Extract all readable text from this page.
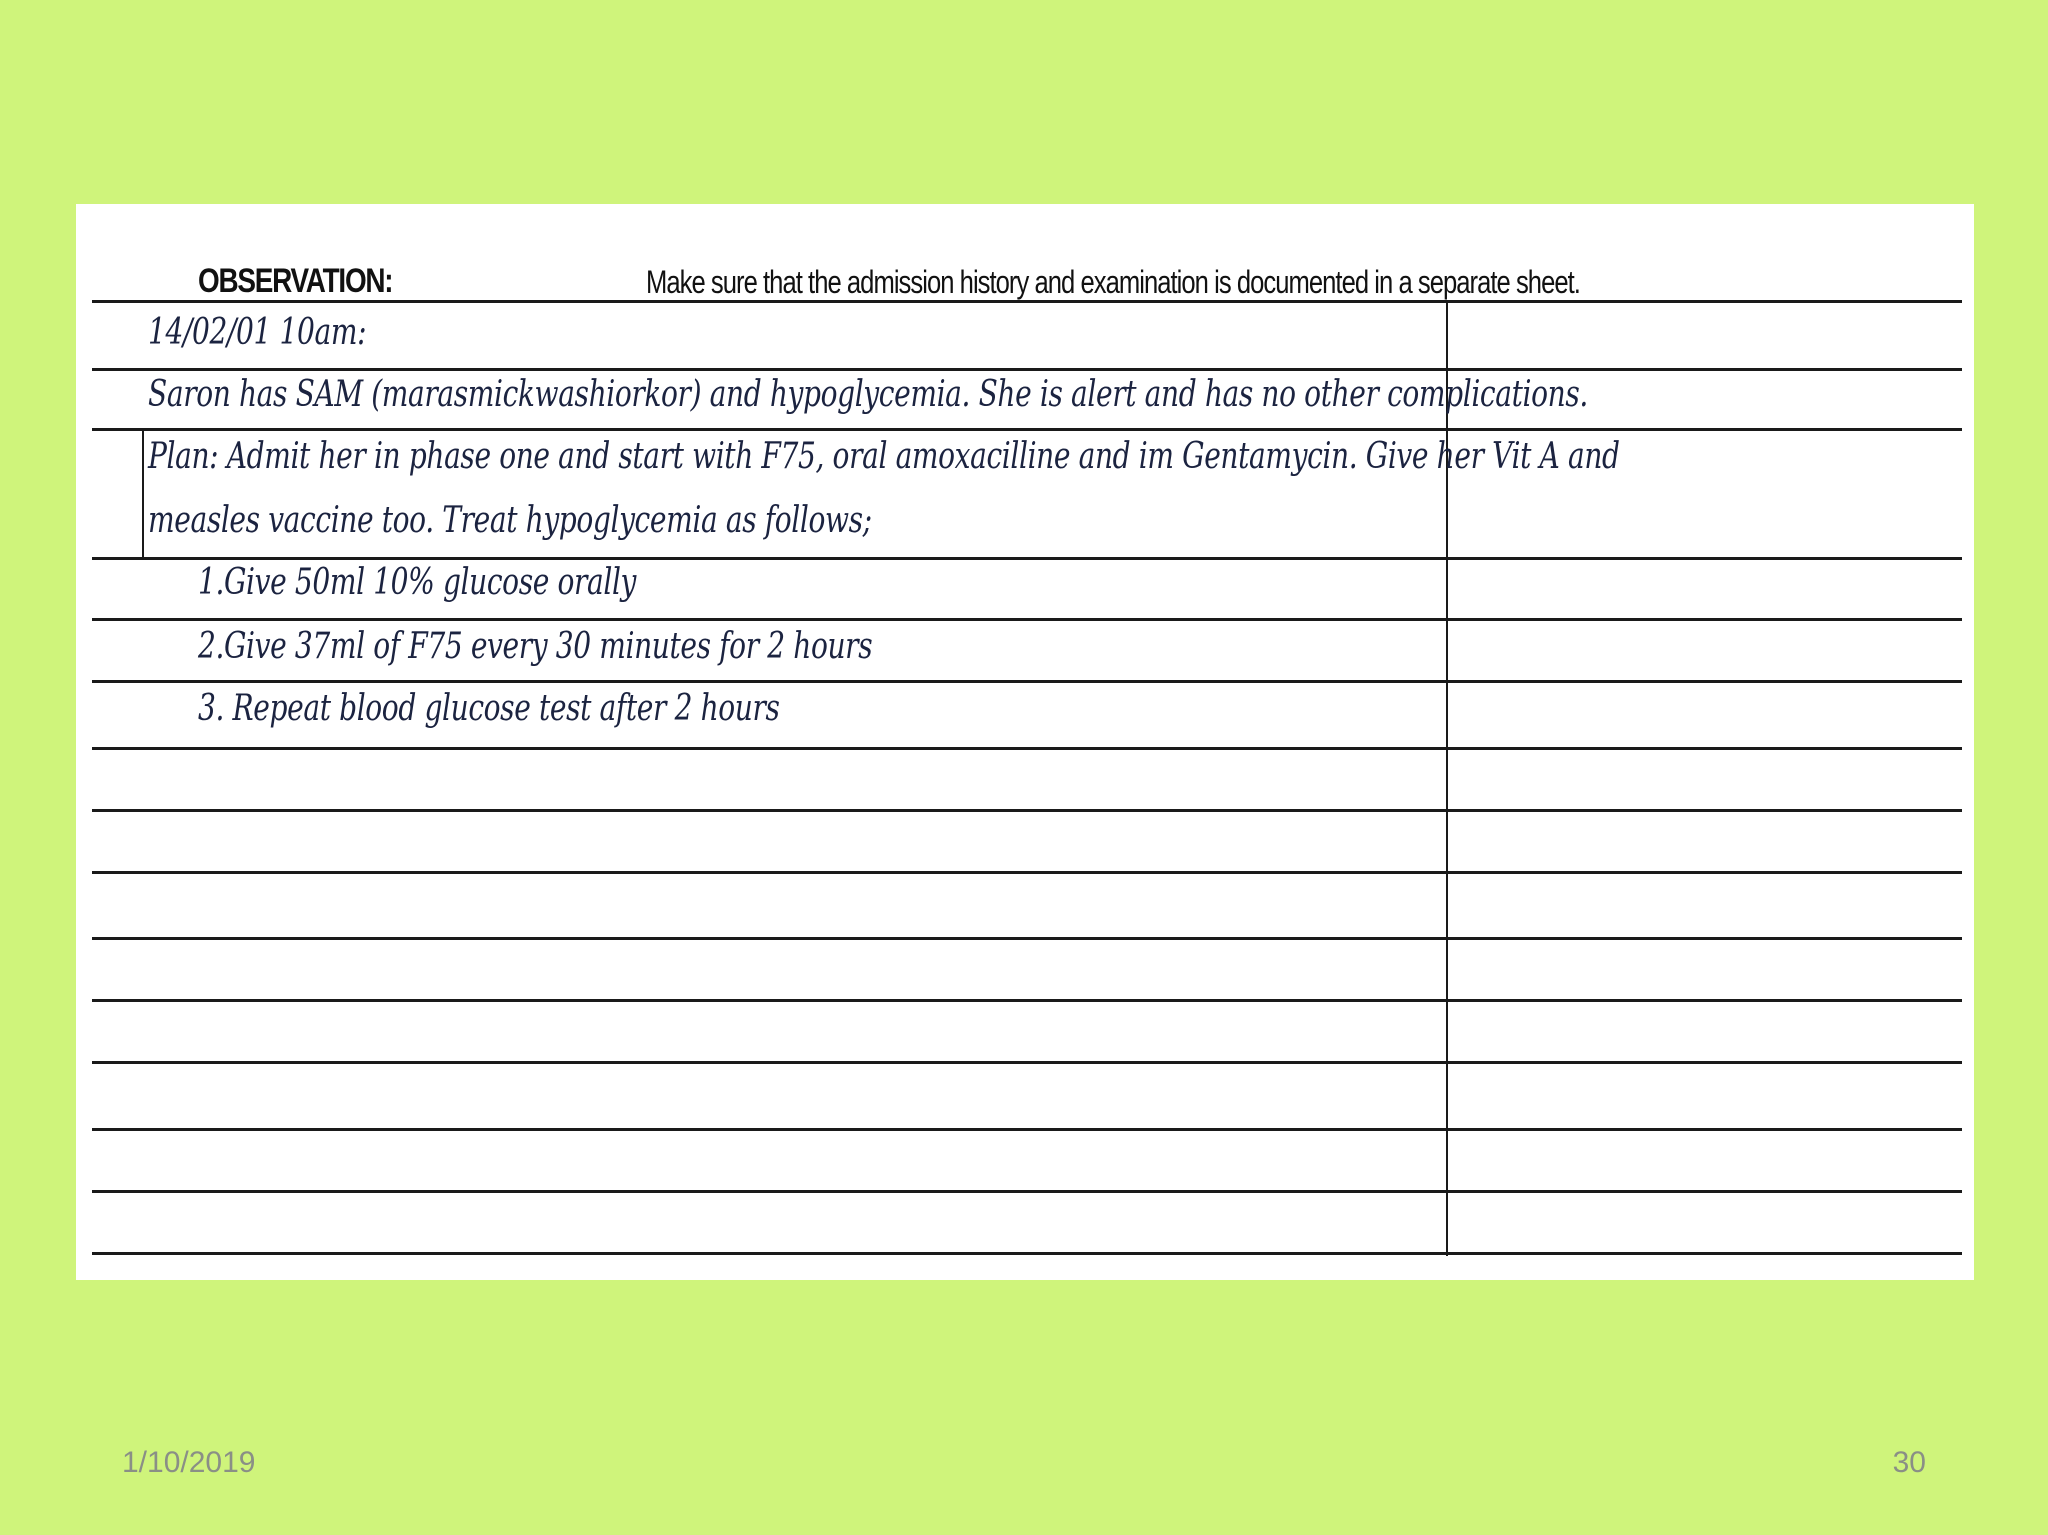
OBSERVATION:	Make sure that the admission history and examination is documented in a separate sheet.
14/02/01 10am:
Saron has SAM (marasmickwashiorkor) and hypoglycemia. She is alert and has no other complications.
Plan: Admit her in phase one and start with F75, oral amoxacilline and im Gentamycin. Give her Vit A and
measles vaccine too. Treat hypoglycemia as follows;
1.Give 50ml 10% glucose orally
2.Give 37ml of F75 every 30 minutes for 2 hours
3. Repeat blood glucose test after 2 hours
1/10/2019	30
